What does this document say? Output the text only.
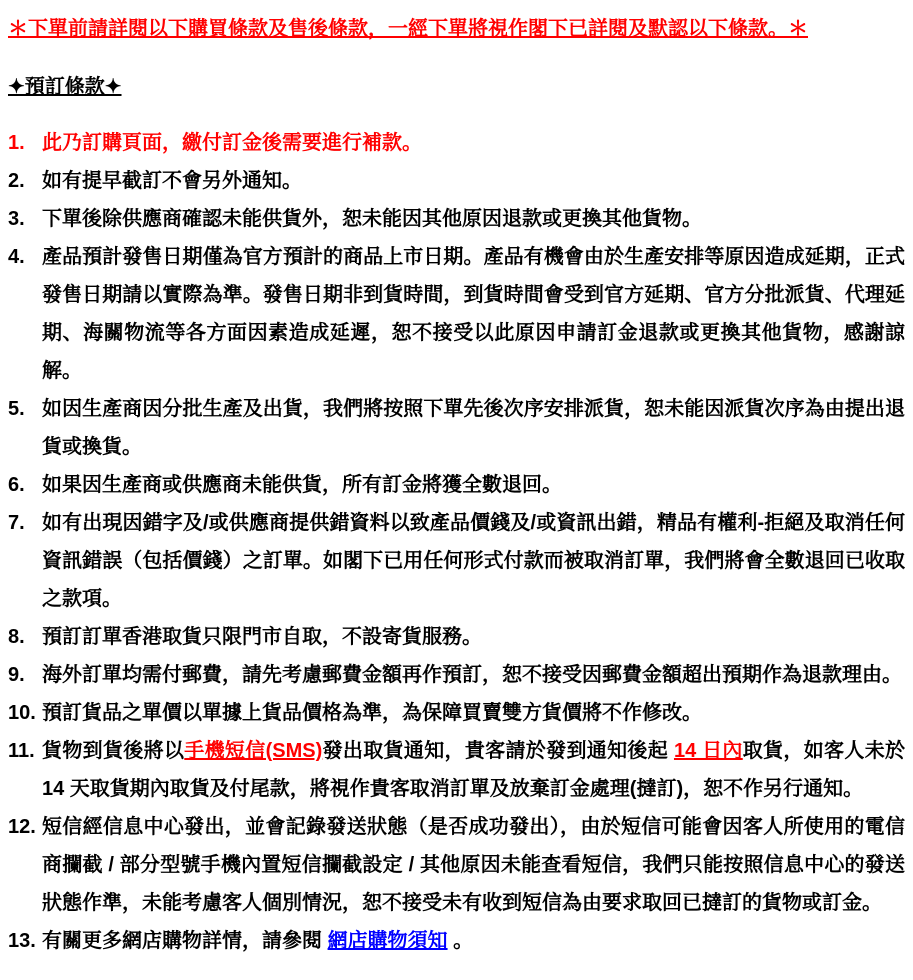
＊下單前請詳閱以下購買條款及售後條款，一經下單將視作閣下已詳閱及默認以下條款。＊
✦預訂條款✦
1. 此乃訂購頁面，繳付訂金後需要進行補款。
2. 如有提早截訂不會另外通知。
3. 下單後除供應商確認未能供貨外，恕未能因其他原因退款或更換其他貨物。
4. 產品預計發售日期僅為官方預計的商品上市日期。產品有機會由於生產安排等原因造成延期，正式發售日期請以實際為準。發售日期非到貨時間，到貨時間會受到官方延期、官方分批派貨、代理延期、海關物流等各方面因素造成延遲，恕不接受以此原因申請訂金退款或更換其他貨物，感謝諒解。
5. 如因生產商因分批生產及出貨，我們將按照下單先後次序安排派貨，恕未能因派貨次序為由提出退貨或換貨。
6. 如果因生產商或供應商未能供貨，所有訂金將獲全數退回。
7. 如有出現因錯字及/或供應商提供錯資料以致產品價錢及/或資訊出錯，精品有權利-拒絕及取消任何資訊錯誤（包括價錢）之訂單。如閣下已用任何形式付款而被取消訂單，我們將會全數退回已收取之款項。
8. 預訂訂單香港取貨只限門市自取，不設寄貨服務。
9. 海外訂單均需付郵費，請先考慮郵費金額再作預訂，恕不接受因郵費金額超出預期作為退款理由。
10. 預訂貨品之單價以單據上貨品價格為準，為保障買賣雙方貨價將不作修改。
11. 貨物到貨後將以手機短信(SMS)發出取貨通知，貴客請於發到通知後起 14 日內取貨，如客人未於 14 天取貨期內取貨及付尾款，將視作貴客取消訂單及放棄訂金處理(撻訂)，恕不作另行通知。
12. 短信經信息中心發出，並會記錄發送狀態（是否成功發出），由於短信可能會因客人所使用的電信商攔截 / 部分型號手機內置短信攔截設定 / 其他原因未能查看短信，我們只能按照信息中心的發送狀態作準，未能考慮客人個別情況，恕不接受未有收到短信為由要求取回已撻訂的貨物或訂金。
13. 有關更多網店購物詳情，請參閱 網店購物須知 。
